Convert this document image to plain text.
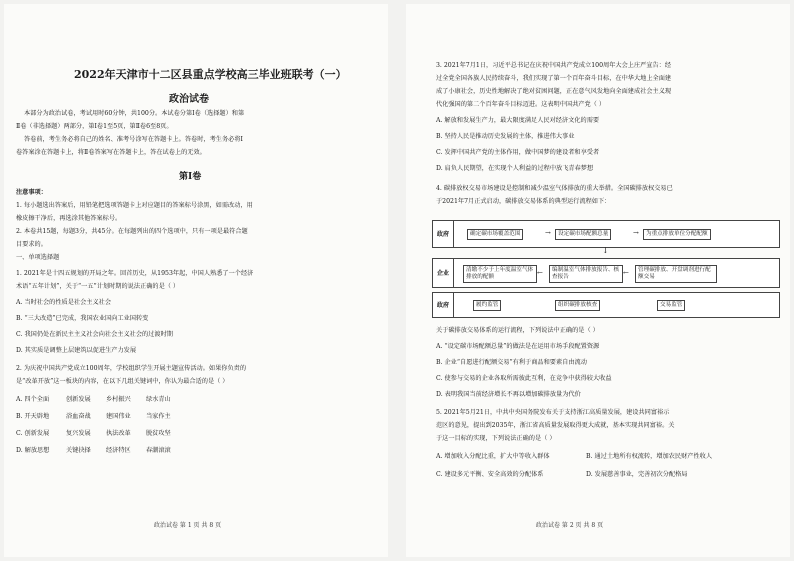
2022年天津市十二区县重点学校高三毕业班联考（一）
政治试卷
本部分为政治试卷，考试用时60分钟，共100分。本试卷分第Ⅰ卷（选择题）和第
Ⅱ卷（非选择题）两部分，第Ⅰ卷1至5页，第Ⅱ卷6至8页。
答卷前，考生务必将自己的姓名、准考号涂写在答题卡上。答卷时，考生务必将Ⅰ
卷答案涂在答题卡上，将Ⅱ卷答案写在答题卡上，答在试卷上的无效。
第Ⅰ卷
注意事项：
1. 每小题选出答案后，用铅笔把选项答题卡上对应题目的答案标号涂黑，如需改动，用
橡皮擦干净后，再选涂其他答案标号。
2. 本卷共15题，每题3分，共45分。在每题列出的四个选项中，只有一项是最符合题
目要求的。
一、单项选择题
1. 2021年是十四五规划的开局之年。回首历史，从1953年起，中国人熟悉了一个经济
术语“五年计划”，关于“一五”计划时期的说法正确的是（ ）
A. 当时社会的性质是社会主义社会
B. “三大改造”已完成，我国农业国向工业国转变
C. 我国仍处在新民主主义社会向社会主义社会的过渡时期
D. 其实质是调整上层建筑以促进生产力发展
2. 为庆祝中国共产党成立100周年，学校组织学生开展主题宣传活动。如果你负责的
是“改革开放”这一板块的内容，在以下几组关键词中，你认为最合适的是（ ）
A. 四个全面	创新发展 乡村振兴 绿水青山
B. 开天辟地	浴血奋战 建国伟业 当家作主
C. 创新发展	复兴发展 执法改革 脱贫攻坚
D. 解放思想	关键抉择 经济特区 春潮滚滚
政治试卷 第 1 页 共 8 页
3. 2021年7月1日，习近平总书记在庆祝中国共产党成立100周年大会上庄严宣告：经
过全党全国各族人民持续奋斗，我们实现了第一个百年奋斗目标，在中华大地上全面建
成了小康社会，历史性地解决了绝对贫困问题，正在意气风发地向全面建成社会主义现
代化强国的第二个百年奋斗目标迈进。这表明中国共产党（ ）
A. 解放和发展生产力，最大限度满足人民对经济文化的需要
B. 坚持人民是推动历史发展的主体，推进伟大事业
C. 发挥中国共产党的主体作用，做中国梦的建设者和享受者
D. 肩负人民期望，在实现个人利益的过程中放飞青春梦想
4. 碳排放权交易市场建设是控制和减少温室气体排放的重大举措。全国碳排放权交易已
于2021年7月正式启动，碳排放交易体系的典型运行流程如下：
政府	确定碳市场覆盖范围	→	设定碳市场配额总量	→	为重点排放单位分配配额
↓
企业	清缴不少于上年度温室气体排放的配额	←	编制温室气体排放报告、核查报告	←	管理碳排放、开盘调剂进行配额交易
政府	履约监管	组织碳排放核查	交易监管
关于碳排放交易体系的运行流程，下列说法中正确的是（ ）
A. “设定碳市场配额总量”的做法是在运用市场手段配置资源
B. 企业“自愿进行配额交易”有利于商品和要素自由流动
C. 使参与交易的企业各取所需彼此互利，在竞争中获得较大收益
D. 表明我国当前经济增长不再以增加碳排放量为代价
5. 2021年5月21日，中共中央国务院发布关于支持浙江高质量发展，建设共同富裕示
范区的意见，提出到2035年，浙江省高质量发展取得更大成就，基本实现共同富裕。关
于这一目标的实现，下列说法正确的是（ ）
A. 增加收入分配比重，扩大中等收入群体	B. 通过土地所有权流转，增加农民财产性收人
C. 建设多元平衡、安全高效的分配体系	D. 发展慈善事业，完善初次分配格局
政治试卷 第 2 页 共 8 页
